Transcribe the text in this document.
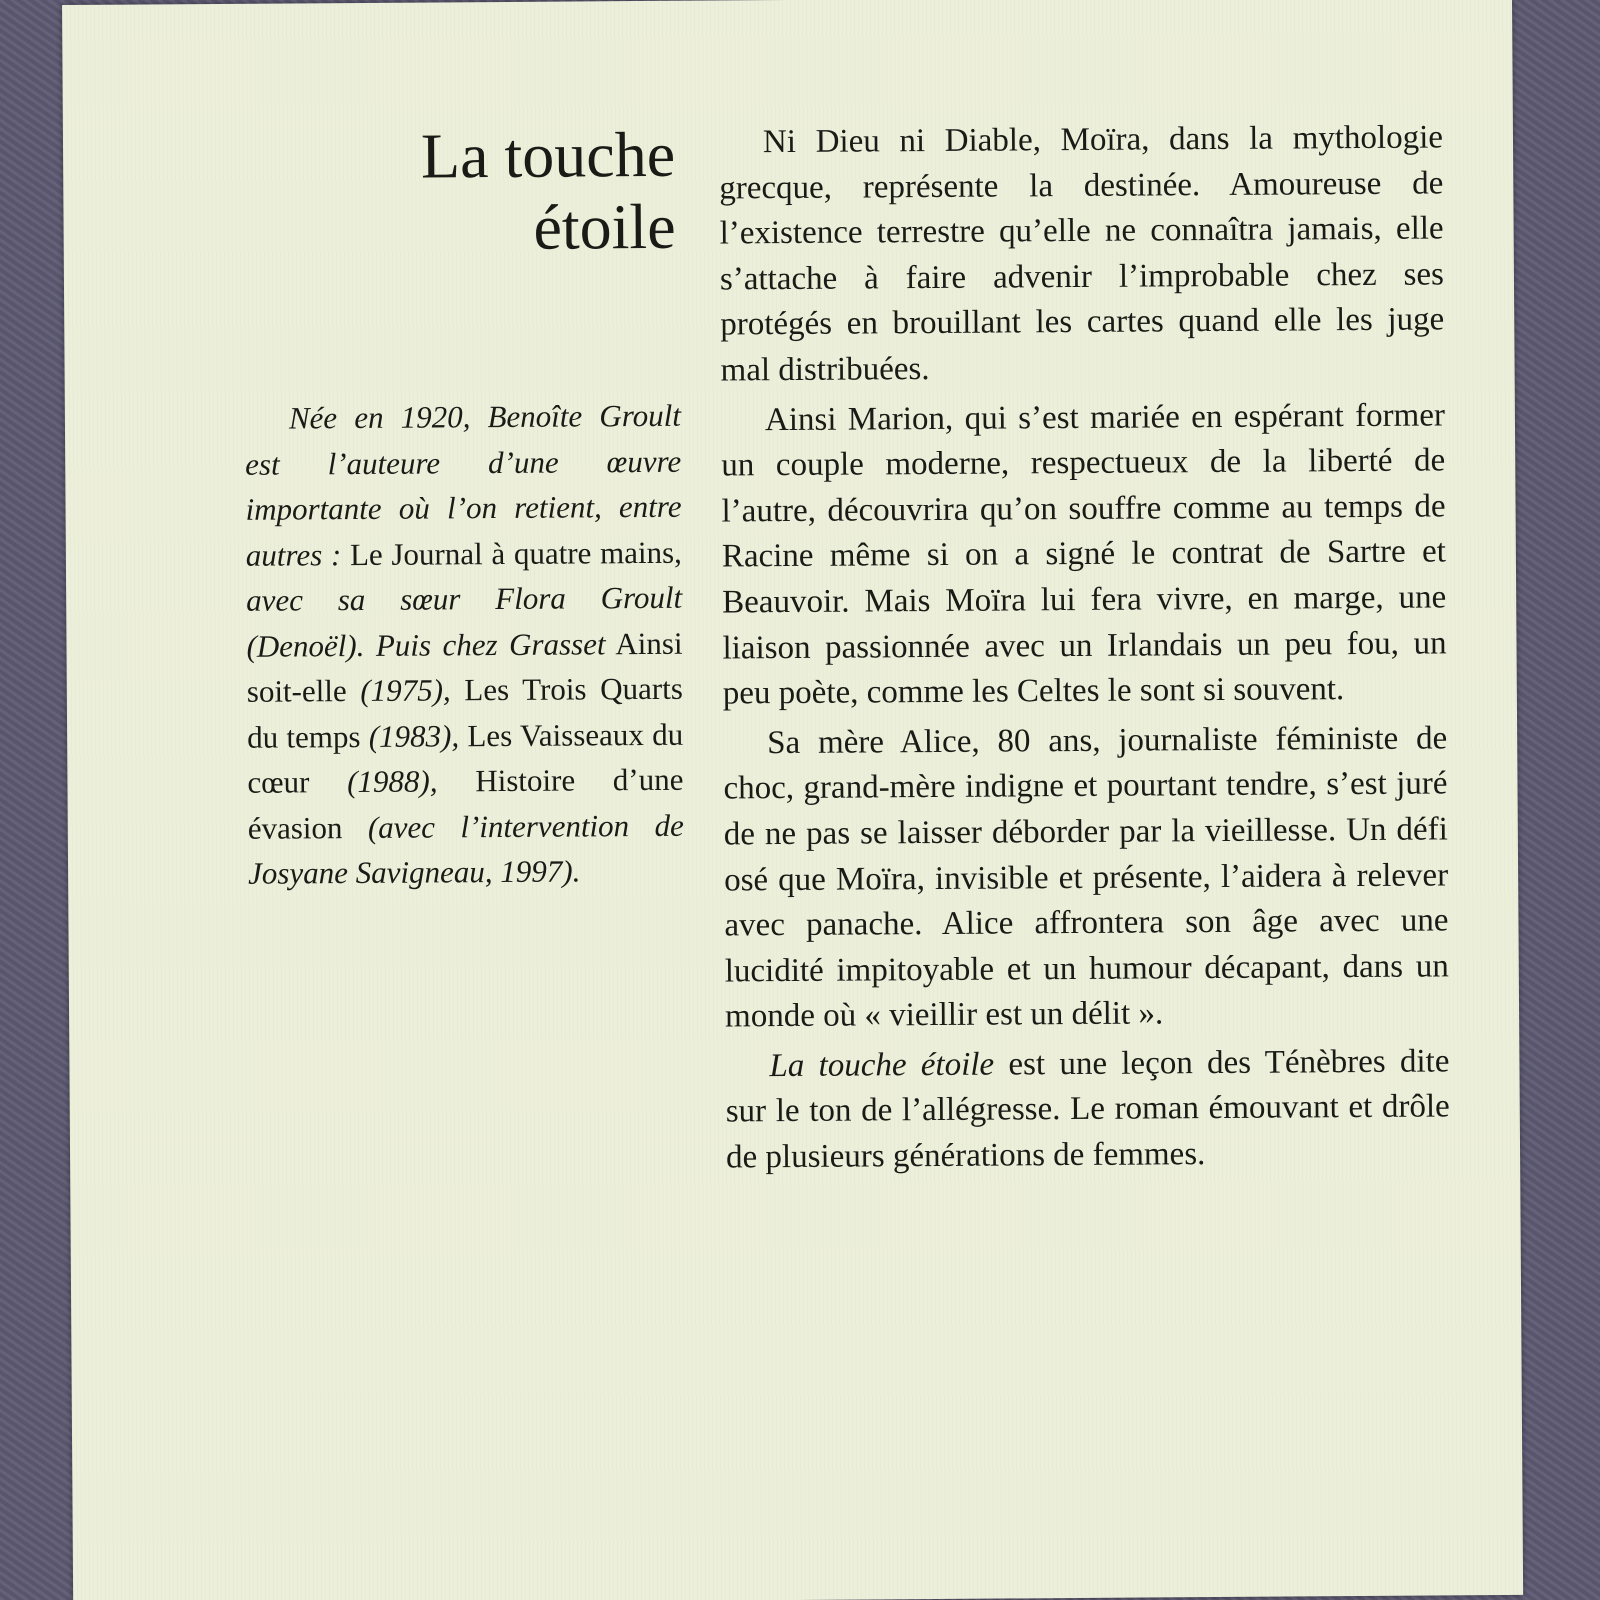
La touche
étoile

Née en 1920, Benoîte Groult est l’auteure d’une œuvre importante où l’on retient, entre autres : Le Journal à quatre mains, avec sa sœur Flora Groult (Denoël). Puis chez Grasset Ainsi soit-elle (1975), Les Trois Quarts du temps (1983), Les Vaisseaux du cœur (1988), Histoire d’une évasion (avec l’intervention de Josyane Savigneau, 1997).

Ni Dieu ni Diable, Moïra, dans la mythologie grecque, représente la destinée. Amoureuse de l’existence terrestre qu’elle ne connaîtra jamais, elle s’attache à faire advenir l’improbable chez ses protégés en brouillant les cartes quand elle les juge mal distribuées.

Ainsi Marion, qui s’est mariée en espérant former un couple moderne, respectueux de la liberté de l’autre, découvrira qu’on souffre comme au temps de Racine même si on a signé le contrat de Sartre et Beauvoir. Mais Moïra lui fera vivre, en marge, une liaison passionnée avec un Irlandais un peu fou, un peu poète, comme les Celtes le sont si souvent.

Sa mère Alice, 80 ans, journaliste féministe de choc, grand-mère indigne et pourtant tendre, s’est juré de ne pas se laisser déborder par la vieillesse. Un défi osé que Moïra, invisible et présente, l’aidera à relever avec panache. Alice affrontera son âge avec une lucidité impitoyable et un humour décapant, dans un monde où « vieillir est un délit ».

La touche étoile est une leçon des Ténèbres dite sur le ton de l’allégresse. Le roman émouvant et drôle de plusieurs générations de femmes.
